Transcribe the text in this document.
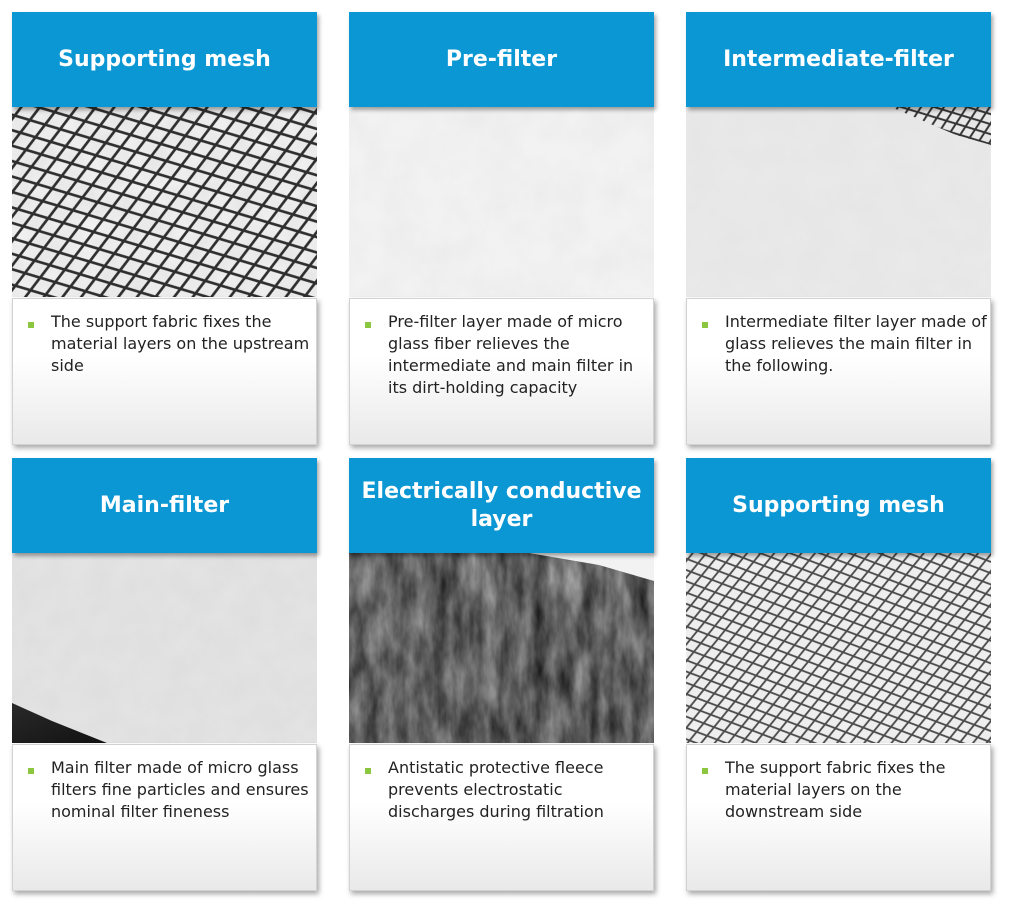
Supporting mesh

The support fabric fixes the material layers on the upstream side

Pre-filter

Pre-filter layer made of micro glass fiber relieves the intermediate and main filter in its dirt-holding capacity

Intermediate-filter

Intermediate filter layer made of glass relieves the main filter in the following.

Main-filter

Main filter made of micro glass filters fine particles and ensures nominal filter fineness

Electrically conductive layer

Antistatic protective fleece prevents electrostatic discharges during filtration

Supporting mesh

The support fabric fixes the material layers on the downstream side
